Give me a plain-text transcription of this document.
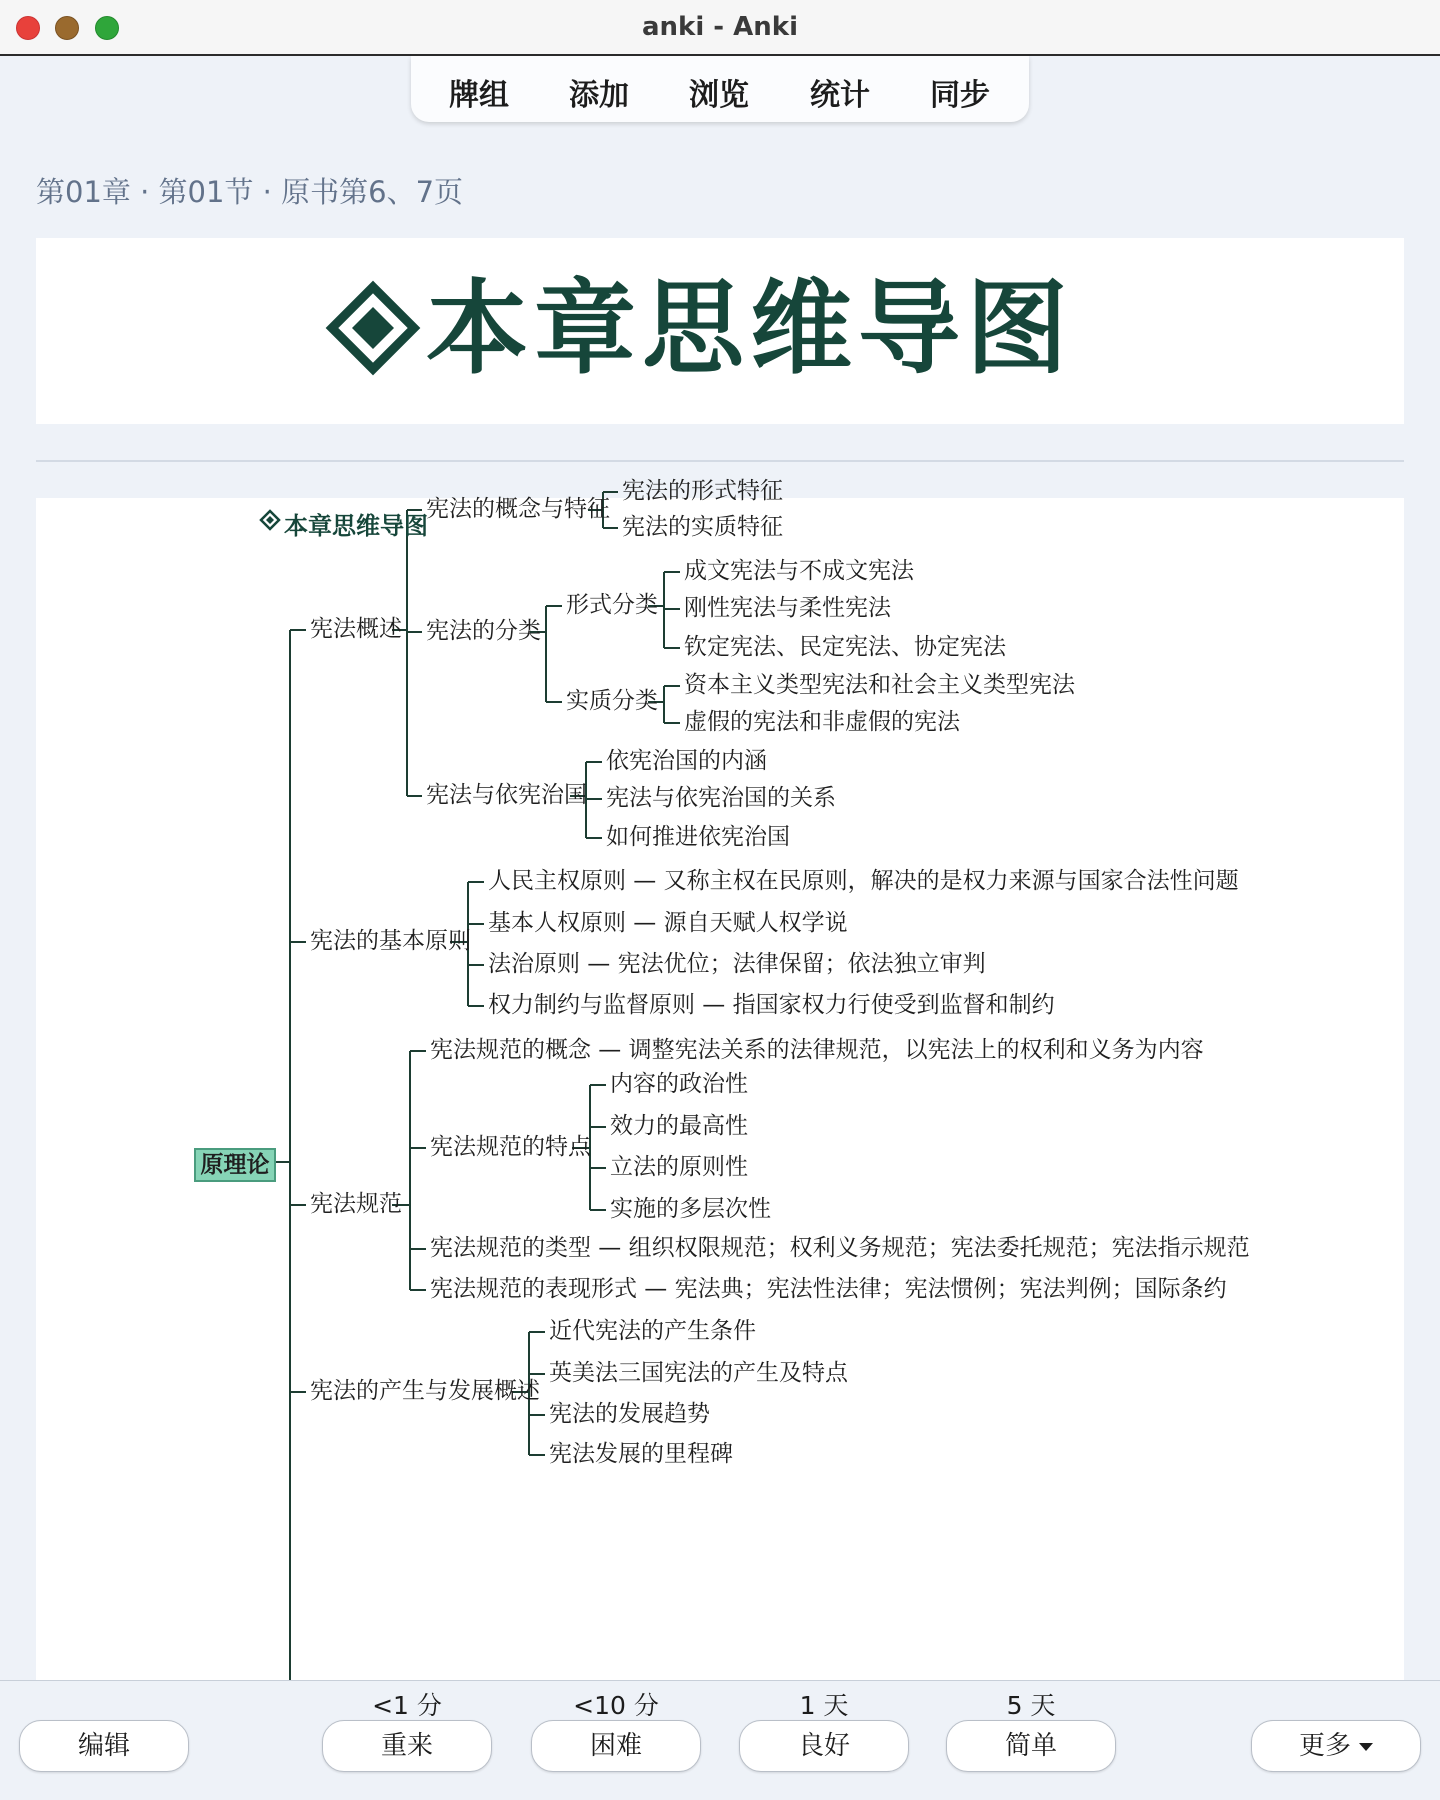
anki - Anki
牌组 添加 浏览 统计 同步
第01章 · 第01节 · 原书第6、7页
本章思维导图
本章思维导图
原理论
宪法概述
宪法的概念与特征
宪法的形式特征
宪法的实质特征
宪法的分类
形式分类
成文宪法与不成文宪法
刚性宪法与柔性宪法
钦定宪法、民定宪法、协定宪法
实质分类
资本主义类型宪法和社会主义类型宪法
虚假的宪法和非虚假的宪法
宪法与依宪治国
依宪治国的内涵
宪法与依宪治国的关系
如何推进依宪治国
宪法的基本原则
人民主权原则 — 又称主权在民原则，解决的是权力来源与国家合法性问题
基本人权原则 — 源自天赋人权学说
法治原则 — 宪法优位；法律保留；依法独立审判
权力制约与监督原则 — 指国家权力行使受到监督和制约
宪法规范
宪法规范的概念 — 调整宪法关系的法律规范，以宪法上的权利和义务为内容
宪法规范的特点
内容的政治性
效力的最高性
立法的原则性
实施的多层次性
宪法规范的类型 — 组织权限规范；权利义务规范；宪法委托规范；宪法指示规范
宪法规范的表现形式 — 宪法典；宪法性法律；宪法惯例；宪法判例；国际条约
宪法的产生与发展概述
近代宪法的产生条件
英美法三国宪法的产生及特点
宪法的发展趋势
宪法发展的里程碑
<1 分	<10 分	1 天	5 天
编辑	重来	困难	良好	简单	更多
